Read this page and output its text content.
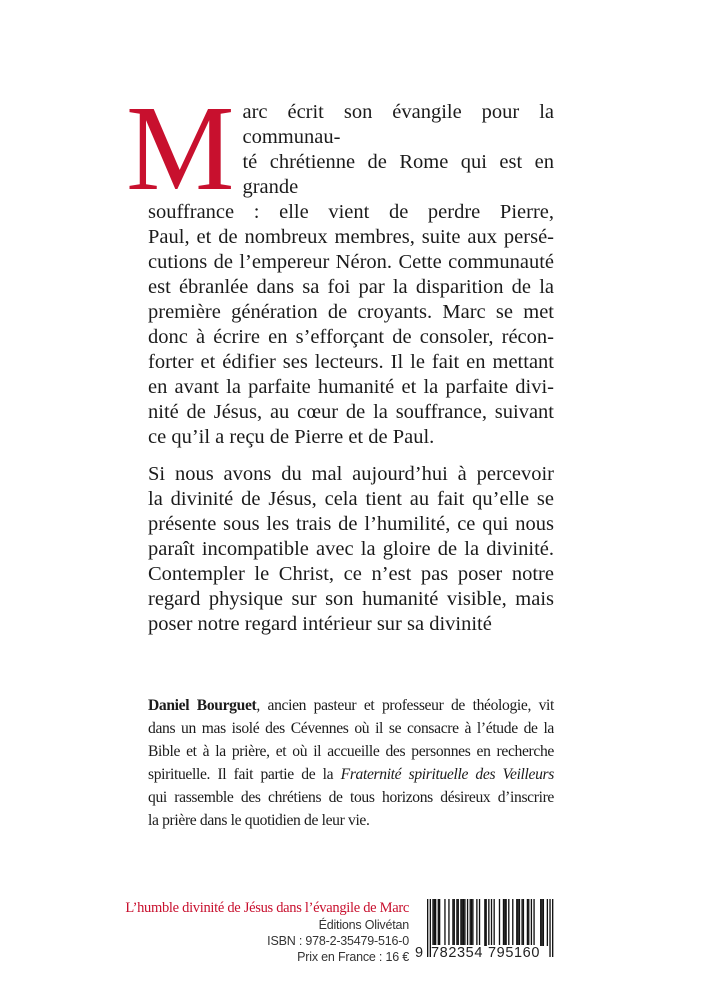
M arc écrit son évangile pour la communau-
té chrétienne de Rome qui est en grande
souffrance : elle vient de perdre Pierre,
Paul, et de nombreux membres, suite aux persé-
cutions de l’empereur Néron. Cette communauté
est ébranlée dans sa foi par la disparition de la
première génération de croyants. Marc se met
donc à écrire en s’efforçant de consoler, récon-
forter et édifier ses lecteurs. Il le fait en mettant
en avant la parfaite humanité et la parfaite divi-
nité de Jésus, au cœur de la souffrance, suivant
ce qu’il a reçu de Pierre et de Paul.

Si nous avons du mal aujourd’hui à percevoir
la divinité de Jésus, cela tient au fait qu’elle se
présente sous les trais de l’humilité, ce qui nous
paraît incompatible avec la gloire de la divinité.
Contempler le Christ, ce n’est pas poser notre
regard physique sur son humanité visible, mais
poser notre regard intérieur sur sa divinité

Daniel Bourguet, ancien pasteur et professeur de théologie, vit
dans un mas isolé des Cévennes où il se consacre à l’étude de la
Bible et à la prière, et où il accueille des personnes en recherche
spirituelle. Il fait partie de la Fraternité spirituelle des Veilleurs
qui rassemble des chrétiens de tous horizons désireux d’inscrire
la prière dans le quotidien de leur vie.
L’humble divinité de Jésus dans l’évangile de Marc
Éditions Olivétan
ISBN : 978-2-35479-516-0
Prix en France : 16 € 9 782354 795160
